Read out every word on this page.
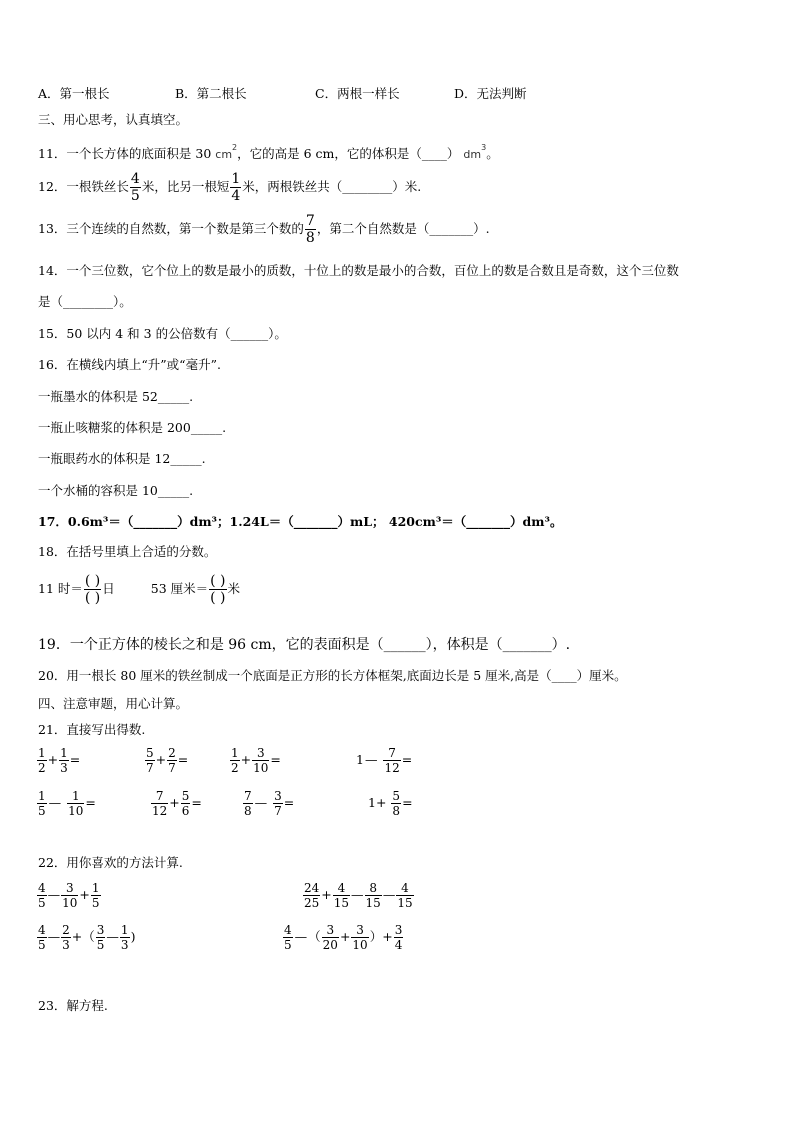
A．第一根长	B．第二根长	C．两根一样长	D．无法判断
三、用心思考，认真填空。
11．一个长方体的底面积是 30 $cm^2$，它的高是 6 cm，它的体积是（____） $dm^3$。
12．一根铁丝长 $\frac{4}{5}$ 米，比另一根短 $\frac{1}{4}$ 米，两根铁丝共（________）米.
13．三个连续的自然数，第一个数是第三个数的 $\frac{7}{8}$ ，第二个自然数是（_______）.
14．一个三位数，它个位上的数是最小的质数，十位上的数是最小的合数，百位上的数是合数且是奇数，这个三位数
是（________）。
15．50 以内 4 和 3 的公倍数有（______）。
16．在横线内填上“升”或“毫升”.
一瓶墨水的体积是 52_____.
一瓶止咳糖浆的体积是 200_____.
一瓶眼药水的体积是 12_____.
一个水桶的容积是 10_____.
17．0.6m³＝（_______）dm³；1.24L＝（_______）mL； 420cm³＝（_______）dm³。
18．在括号里填上合适的分数。
11 时＝ $\frac{( )}{( )}$ 日	53 厘米＝ $\frac{( )}{( )}$ 米
19．一个正方体的棱长之和是 96 cm，它的表面积是（______），体积是（_______）.
20．用一根长 80 厘米的铁丝制成一个底面是正方形的长方体框架,底面边长是 5 厘米,高是（____）厘米。
四、注意审题，用心计算。
21．直接写出得数.
$\frac{1}{2} + \frac{1}{3}$ =	$\frac{5}{7} + \frac{2}{7}$ =	$\frac{1}{2} + \frac{3}{10}$ =	1— $\frac{7}{12}$ =
$\frac{1}{5}$ — $\frac{1}{10}$ =	$\frac{7}{12} + \frac{5}{6}$ =	$\frac{7}{8}$ — $\frac{3}{7}$ =	$1+ \frac{5}{8}$ =
22．用你喜欢的方法计算.
$\frac{4}{5}$ — $\frac{3}{10} + \frac{1}{5}$	$\frac{24}{25} + \frac{4}{15}$ — $\frac{8}{15}$ — $\frac{4}{15}$
$\frac{4}{5}$ — $\frac{2}{3}$ +（ $\frac{3}{5}$ — $\frac{1}{3}$ )	$\frac{4}{5}$ —（ $\frac{3}{20} + \frac{3}{10}$ ）+ $\frac{3}{4}$
23．解方程.
